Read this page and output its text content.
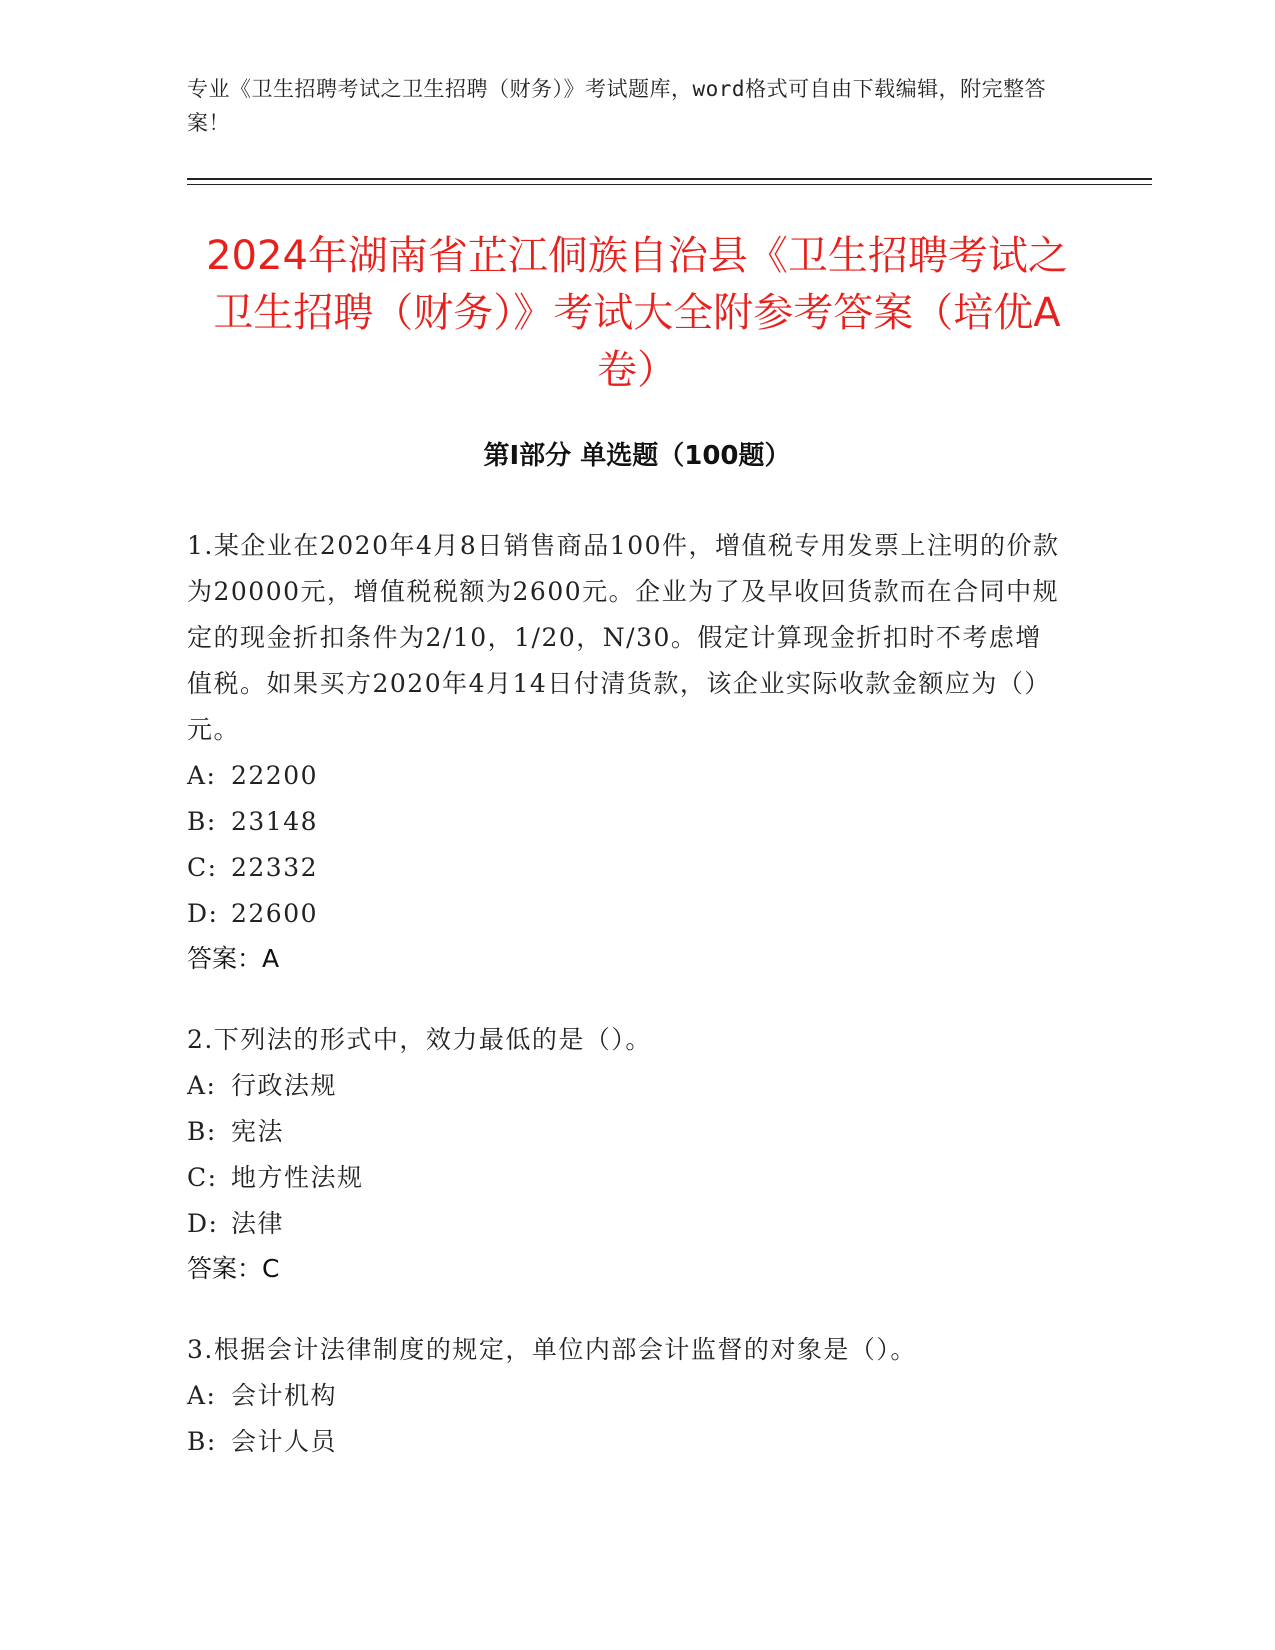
专业《卫生招聘考试之卫生招聘（财务）》考试题库，word格式可自由下载编辑，附完整答案！
2024年湖南省芷江侗族自治县《卫生招聘考试之卫生招聘（财务）》考试大全附参考答案（培优A卷）
第I部分 单选题（100题）

1.某企业在2020年4月8日销售商品100件，增值税专用发票上注明的价款为20000元，增值税税额为2600元。企业为了及早收回货款而在合同中规定的现金折扣条件为2/10，1/20，N/30。假定计算现金折扣时不考虑增值税。如果买方2020年4月14日付清货款，该企业实际收款金额应为（）元。

A: 22200
B: 23148
C: 22332
D: 22600
答案：A

2.下列法的形式中，效力最低的是（）。

A: 行政法规
B: 宪法
C: 地方性法规
D: 法律
答案：C

3.根据会计法律制度的规定，单位内部会计监督的对象是（）。

A: 会计机构
B: 会计人员
